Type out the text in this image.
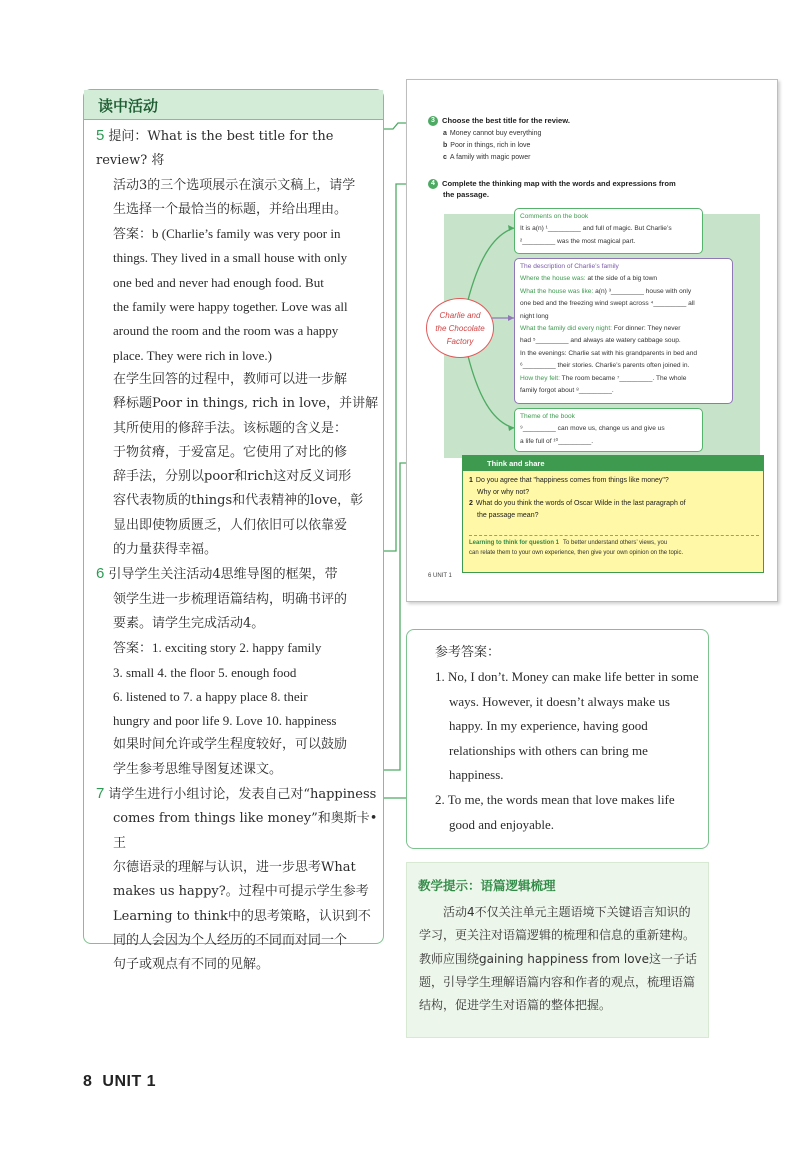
读中活动

5 提问：What is the best title for the review? 将

活动3的三个选项展示在演示文稿上，请学

生选择一个最恰当的标题，并给出理由。

答案：b (Charlie’s family was very poor in

things. They lived in a small house with only

one bed and never had enough food. But

the family were happy together. Love was all

around the room and the room was a happy

place. They were rich in love.)

在学生回答的过程中，教师可以进一步解

释标题Poor in things, rich in love，并讲解

其所使用的修辞手法。该标题的含义是：

于物贫瘠，于爱富足。它使用了对比的修

辞手法，分别以poor和rich这对反义词形

容代表物质的things和代表精神的love，彰

显出即使物质匮乏，人们依旧可以依靠爱

的力量获得幸福。

6 引导学生关注活动4思维导图的框架，带

领学生进一步梳理语篇结构，明确书评的

要素。请学生完成活动4。

答案：1. exciting story 2. happy family

3. small 4. the floor 5. enough food

6. listened to 7. a happy place 8. their

hungry and poor life 9. Love 10. happiness

如果时间允许或学生程度较好，可以鼓励

学生参考思维导图复述课文。

7 请学生进行小组讨论，发表自己对“happiness

comes from things like money”和奥斯卡•王

尔德语录的理解与认识，进一步思考What

makes us happy?。过程中可提示学生参考

Learning to think中的思考策略，认识到不

同的人会因为个人经历的不同而对同一个

句子或观点有不同的见解。

3 Choose the best title for the review.
a Money cannot buy everything
b Poor in things, rich in love
c A family with magic power
4 Complete the thinking map with the words and expressions from
the passage.
Charlie and
the Chocolate
Factory
Comments on the book
It is a(n) ¹_________ and full of magic. But Charlie’s
²_________ was the most magical part.
The description of Charlie’s family
Where the house was: at the side of a big town
What the house was like: a(n) ³_________ house with only
one bed and the freezing wind swept across ⁴_________ all
night long
What the family did every night: For dinner: They never
had ⁵_________ and always ate watery cabbage soup.
In the evenings: Charlie sat with his grandparents in bed and
⁶_________ their stories. Charlie’s parents often joined in.
How they felt: The room became ⁷_________. The whole
family forgot about ⁸_________.
Theme of the book
⁹_________ can move us, change us and give us
a life full of ¹⁰_________.
Think and share
1 Do you agree that "happiness comes from things like money"?
Why or why not?
2 What do you think the words of Oscar Wilde in the last paragraph of
the passage mean?
Learning to think for question 1 To better understand others’ views, you
can relate them to your own experience, then give your own opinion on the topic.
6 UNIT 1
参考答案：
1. No, I don’t. Money can make life better in some ways. However, it doesn’t always make us happy. In my experience, having good relationships with others can bring me happiness.
2. To me, the words mean that love makes life good and enjoyable.
教学提示：语篇逻辑梳理
活动4不仅关注单元主题语境下关键语言知识的学习，更关注对语篇逻辑的梳理和信息的重新建构。教师应围绕gaining happiness from love这一子话题，引导学生理解语篇内容和作者的观点，梳理语篇结构，促进学生对语篇的整体把握。
8 UNIT 1
